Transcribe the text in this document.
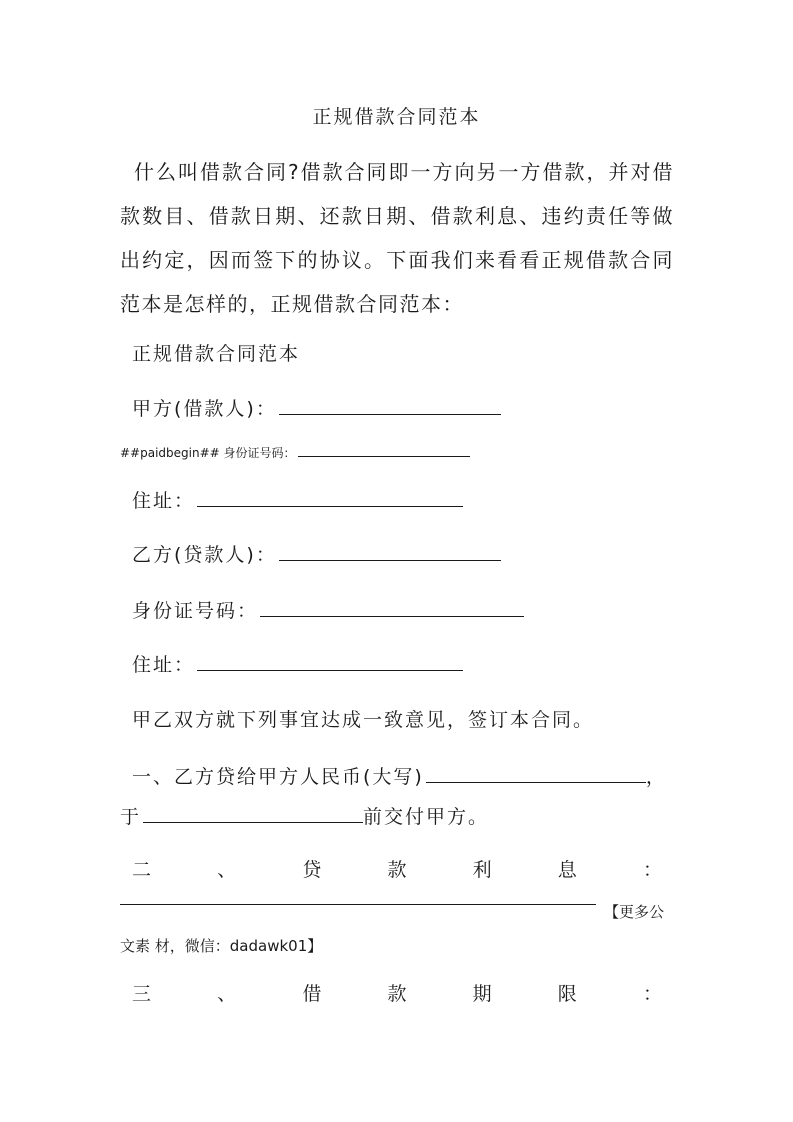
正规借款合同范本
什么叫借款合同?借款合同即一方向另一方借款，并对借款数目、借款日期、还款日期、借款利息、违约责任等做出约定，因而签下的协议。下面我们来看看正规借款合同范本是怎样的，正规借款合同范本：
正规借款合同范本
甲方(借款人)：
##paidbegin## 身份证号码：
住址：
乙方(贷款人)：
身份证号码：
住址：
甲乙双方就下列事宜达成一致意见，签订本合同。
一、乙方贷给甲方人民币(大写)	，
于	前交付甲方。
二	、	贷	款	利	息	：
【更多公
文素 材，微信：dadawk01】
三	、	借	款	期	限	：
